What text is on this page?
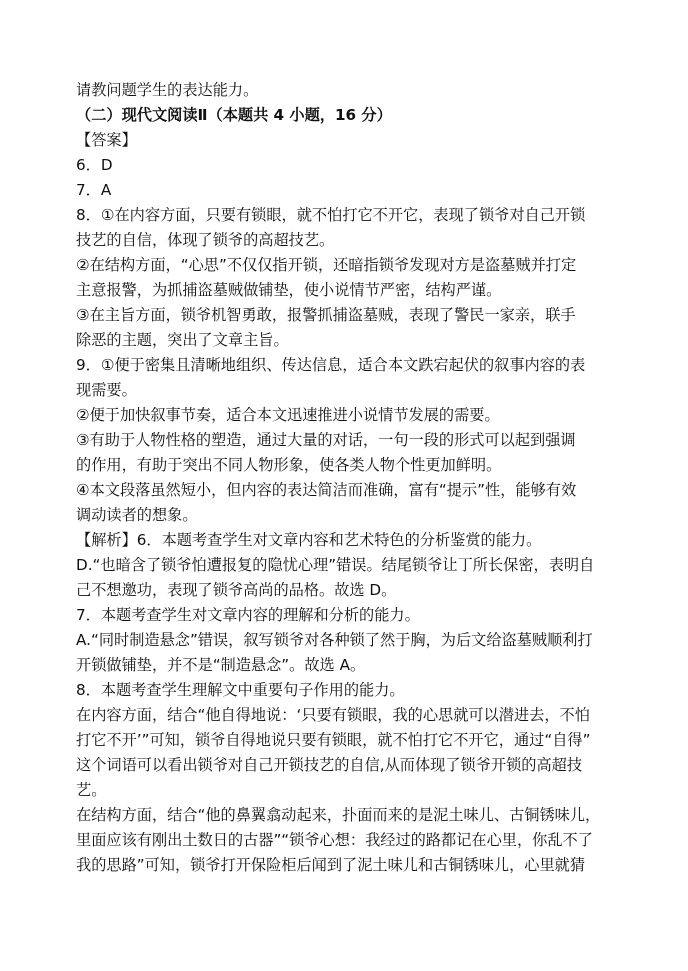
请教问题学生的表达能力。
（二）现代文阅读Ⅱ（本题共 4 小题，16 分）
【答案】
6．D
7．A
8．①在内容方面，只要有锁眼，就不怕打它不开它，表现了锁爷对自己开锁
技艺的自信，体现了锁爷的高超技艺。
②在结构方面，“心思”不仅仅指开锁，还暗指锁爷发现对方是盗墓贼并打定
主意报警，为抓捕盗墓贼做铺垫，使小说情节严密，结构严谨。
③在主旨方面，锁爷机智勇敢，报警抓捕盗墓贼，表现了警民一家亲，联手
除恶的主题，突出了文章主旨。
9．①便于密集且清晰地组织、传达信息，适合本文跌宕起伏的叙事内容的表
现需要。
②便于加快叙事节奏，适合本文迅速推进小说情节发展的需要。
③有助于人物性格的塑造，通过大量的对话，一句一段的形式可以起到强调
的作用，有助于突出不同人物形象，使各类人物个性更加鲜明。
④本文段落虽然短小，但内容的表达简洁而准确，富有“提示”性，能够有效
调动读者的想象。
【解析】6．本题考查学生对文章内容和艺术特色的分析鉴赏的能力。
D.“也暗含了锁爷怕遭报复的隐忧心理”错误。结尾锁爷让丁所长保密，表明自
己不想邀功，表现了锁爷高尚的品格。故选 D。
7．本题考查学生对文章内容的理解和分析的能力。
A.“同时制造悬念”错误，叙写锁爷对各种锁了然于胸，为后文给盗墓贼顺利打
开锁做铺垫，并不是“制造悬念”。故选 A。
8．本题考查学生理解文中重要句子作用的能力。
在内容方面，结合“他自得地说：‘只要有锁眼，我的心思就可以潜进去，不怕
打它不开’”可知，锁爷自得地说只要有锁眼，就不怕打它不开它，通过“自得”
这个词语可以看出锁爷对自己开锁技艺的自信,从而体现了锁爷开锁的高超技
艺。
在结构方面，结合“他的鼻翼翕动起来，扑面而来的是泥土味儿、古铜锈味儿，
里面应该有刚出土数日的古器”“锁爷心想：我经过的路都记在心里，你乱不了
我的思路”可知，锁爷打开保险柜后闻到了泥土味儿和古铜锈味儿，心里就猜
